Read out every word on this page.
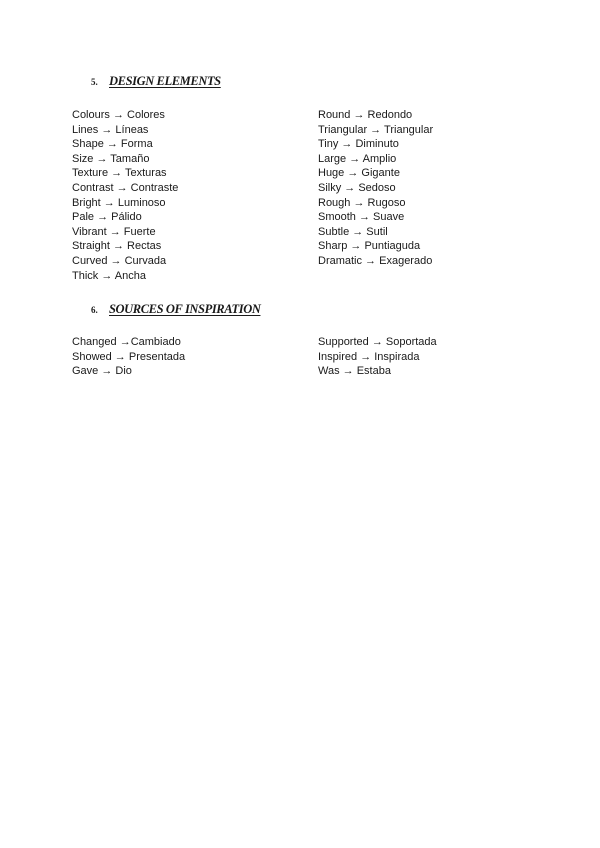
5. DESIGN ELEMENTS
Colours → Colores
Lines → Líneas
Shape → Forma
Size → Tamaño
Texture → Texturas
Contrast → Contraste
Bright → Luminoso
Pale → Pálido
Vibrant → Fuerte
Straight → Rectas
Curved → Curvada
Thick → Ancha
Round → Redondo
Triangular → Triangular
Tiny → Diminuto
Large → Amplio
Huge → Gigante
Silky → Sedoso
Rough → Rugoso
Smooth → Suave
Subtle → Sutil
Sharp → Puntiaguda
Dramatic → Exagerado
6. SOURCES OF INSPIRATION
Changed →Cambiado
Showed → Presentada
Gave → Dio
Supported → Soportada
Inspired → Inspirada
Was → Estaba
